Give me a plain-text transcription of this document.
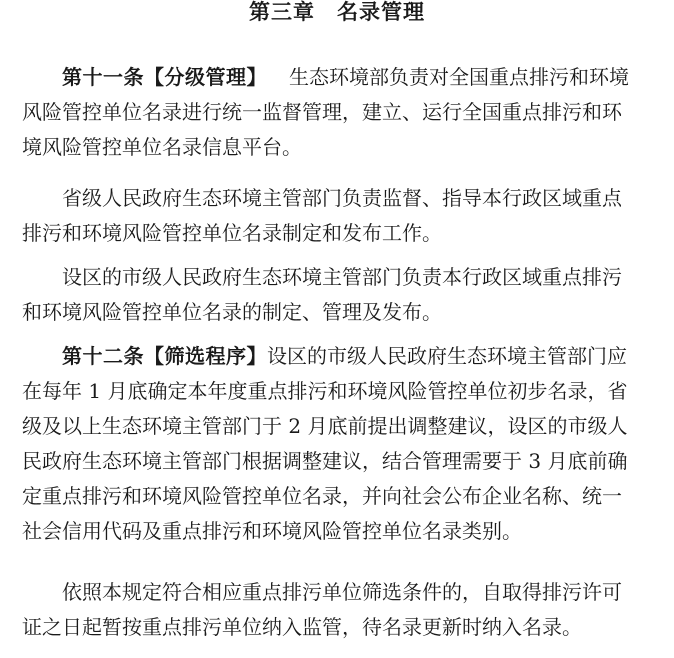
第三章　名录管理
第十一条【分级管理】 生态环境部负责对全国重点排污和环境
风险管控单位名录进行统一监督管理，建立、运行全国重点排污和环
境风险管控单位名录信息平台。
省级人民政府生态环境主管部门负责监督、指导本行政区域重点
排污和环境风险管控单位名录制定和发布工作。
设区的市级人民政府生态环境主管部门负责本行政区域重点排污
和环境风险管控单位名录的制定、管理及发布。
第十二条【筛选程序】设区的市级人民政府生态环境主管部门应
在每年 1 月底确定本年度重点排污和环境风险管控单位初步名录，省
级及以上生态环境主管部门于 2 月底前提出调整建议，设区的市级人
民政府生态环境主管部门根据调整建议，结合管理需要于 3 月底前确
定重点排污和环境风险管控单位名录，并向社会公布企业名称、统一
社会信用代码及重点排污和环境风险管控单位名录类别。
依照本规定符合相应重点排污单位筛选条件的，自取得排污许可
证之日起暂按重点排污单位纳入监管，待名录更新时纳入名录。
